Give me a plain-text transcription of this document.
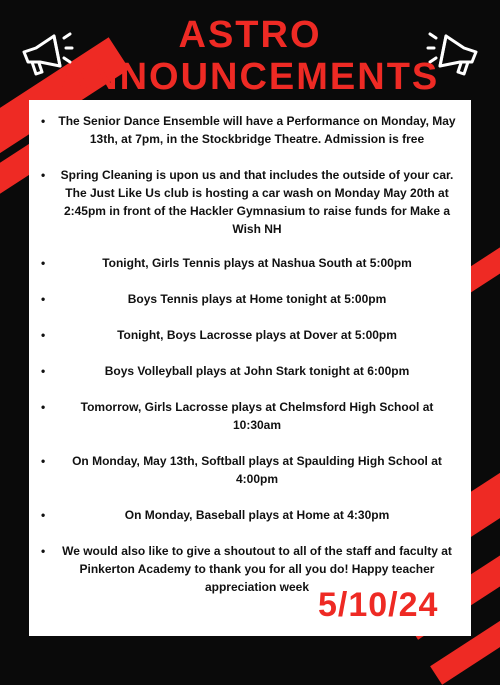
ASTRO
ANNOUNCEMENTS
• The Senior Dance Ensemble will have a Performance on Monday, May 13th, at 7pm, in the Stockbridge Theatre. Admission is free
•	Spring Cleaning is upon us and that includes the outside of your car. The Just Like Us club is hosting a car wash on Monday May 20th at 2:45pm in front of the Hackler Gymnasium to raise funds for Make a Wish NH
•	Tonight, Girls Tennis plays at Nashua South at 5:00pm
•	Boys Tennis plays at Home tonight at 5:00pm
•	Tonight, Boys Lacrosse plays at Dover at 5:00pm
•	Boys Volleyball plays at John Stark tonight at 6:00pm
•	Tomorrow, Girls Lacrosse plays at Chelmsford High School at 10:30am
•	On Monday, May 13th, Softball plays at Spaulding High School at 4:00pm
•	On Monday, Baseball plays at Home at 4:30pm
•	We would also like to give a shoutout to all of the staff and faculty at Pinkerton Academy to thank you for all you do! Happy teacher appreciation week 5/10/24
